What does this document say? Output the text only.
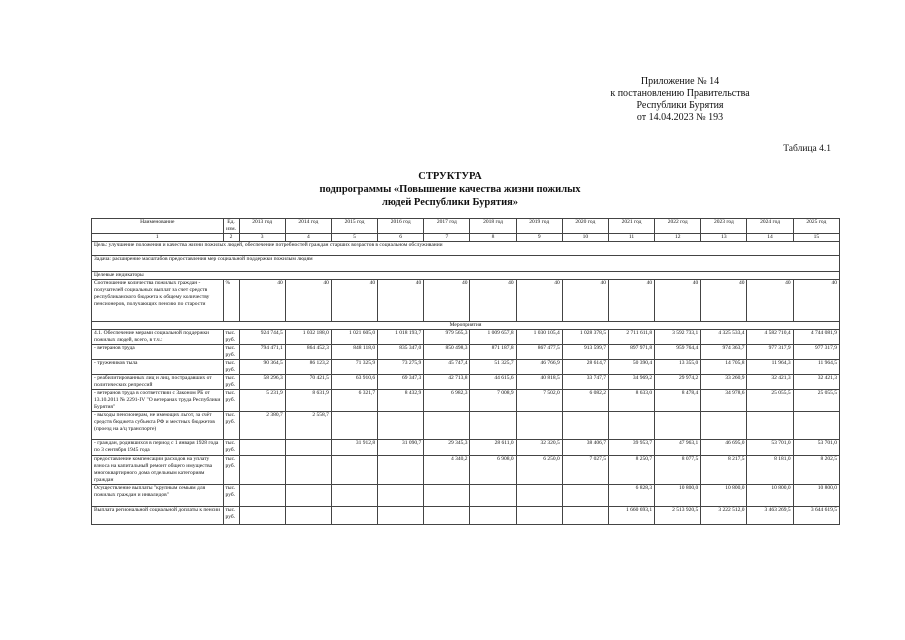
Приложение № 14
к постановлению Правительства
Республики Бурятия
от 14.04.2023 № 193
Таблица 4.1
СТРУКТУРА
подпрограммы «Повышение качества жизни пожилых
людей Республики Бурятия»
Наименование	Ед. изм.	2013 год	2014 год	2015 год	2016 год	2017 год	2018 год	2019 год	2020 год	2021 год	2022 год	2023 год	2024 год	2025 год
1	2	3	4	5	6	7	8	9	10	11	12	13	14	15
Цель: улучшение положения и качества жизни пожилых людей, обеспечение потребностей граждан старших возрастов в социальном обслуживании														
Задача: расширение масштабов предоставления мер социальной поддержки пожилым людям														
Целевые индикаторы														
Соотношение количества пожилых граждан - получателей социальных выплат за счет средств республиканского бюджета к общему количеству пенсионеров, получающих пенсию по старости	%	40	40	40	40	40	40	40	40	40	40	40	40	40
Мероприятия														
4.1. Обеспечение мерами социальной поддержки пожилых людей, всего, в т.ч.:	тыс. руб.	924 744,5	1 032 188,0	1 021 605,0	1 018 193,7	979 565,3	1 009 657,8	1 030 105,4	1 028 378,5	2 711 611,8	3 592 733,1	4 325 533,4	4 582 710,4	4 744 081,9
- ветеранов труда	тыс. руб.	794 471,1	864 452,3	848 118,0	835 347,0	850 498,3	871 187,8	867 477,5	913 599,7	897 971,8	959 764,4	974 363,7	977 317,9	977 317,9
- тружеников тыла	тыс. руб.	90 364,5	86 123,2	71 325,9	73 275,9	45 747,4	51 325,7	46 766,9	28 614,7	50 390,4	13 355,0	14 705,8	11 964,3	11 964,5
- реабилитированных лиц и лиц, пострадавших от политических репрессий	тыс. руб.	58 296,3	70 421,5	63 910,6	69 347,3	42 713,8	44 615,6	40 818,5	33 747,7	34 969,2	29 974,2	33 260,9	32 421,3	32 421,3
- ветеранов труда в соответствии с Законом РБ от 13.10.2011 № 2291-IV "О ветеранах труда Республики Бурятия"	тыс. руб.	5 231,9	8 631,9	6 321,7	8 432,9	6 982,3	7 008,9	7 502,0	6 082,2	8 633,0	8 478,4	34 978,6	25 055,5	25 055,5
- выходы пенсионерам, не имеющих льгот, за счёт средств бюджета субъекта РФ и местных бюджетов (проезд на а/ц транспорте)	тыс. руб.	2 380,7	2 558,7											
- граждан, родившихся в период с 1 января 1928 года по 3 сентября 1945 года	тыс. руб.			31 912,8	31 090,7	29 345,3	28 611,0	32 320,5	38 406,7	39 953,7	47 963,1	46 695,0	53 701,0	53 701,0
предоставление компенсации расходов на уплату взноса на капитальный ремонт общего имущества многоквартирного дома отдельным категориям граждан	тыс. руб.					4 340,2	6 908,0	6 250,0	7 027,5	8 250,7	8 077,5	8 217,5	8 181,0	8 202,5
Осуществление выплаты "крупным семьям для пожилых граждан и инвалидов"	тыс. руб.									6 828,3	10 800,0	10 800,0	10 800,0	10 800,0
Выплата региональной социальной доплаты к пенсии	тыс. руб.									1 660 693,1	2 513 920,5	3 222 512,0	3 463 269,5	3 644 619,5
